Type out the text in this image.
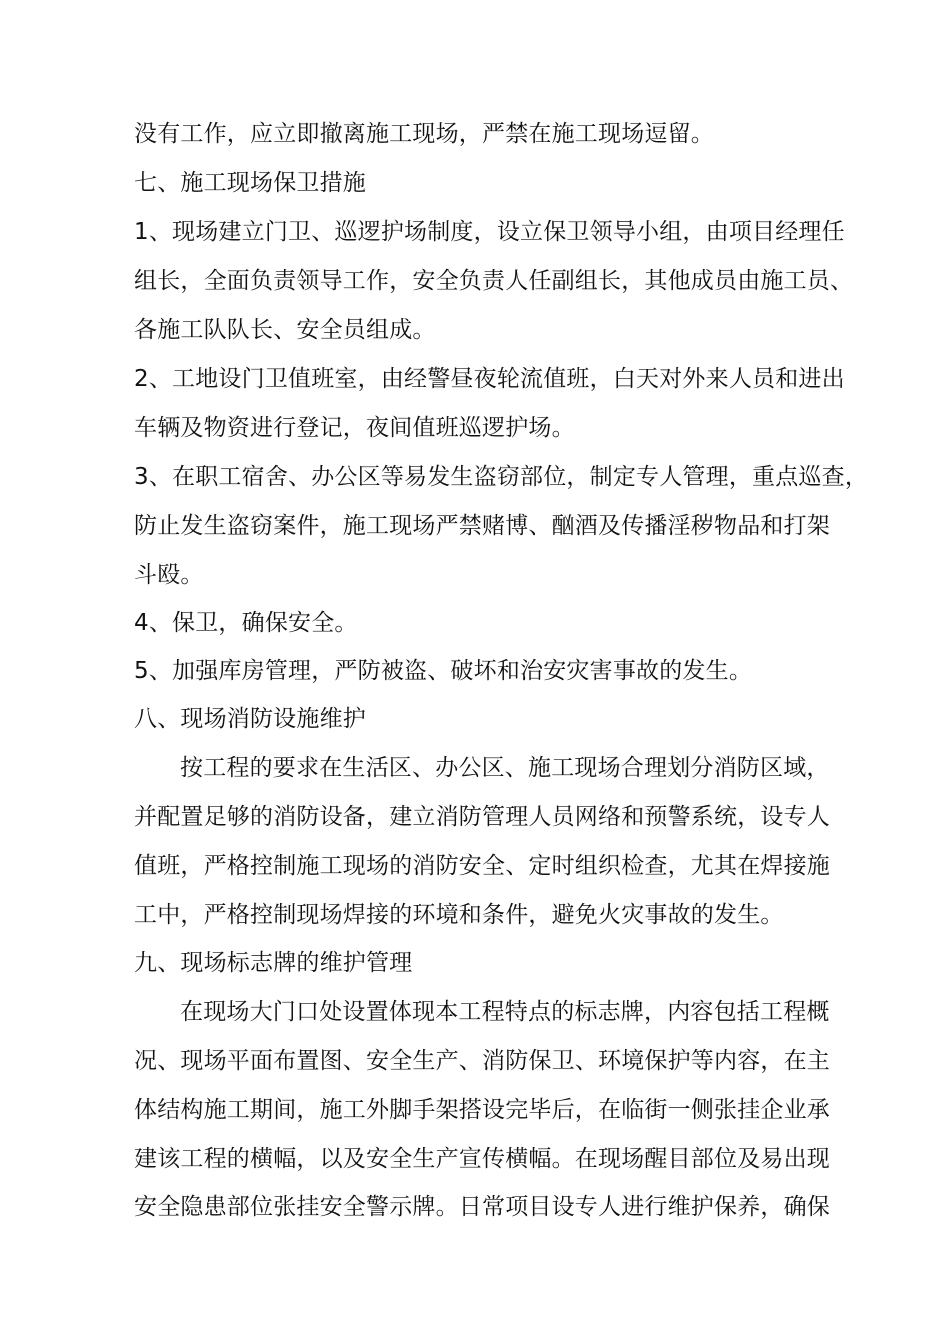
没有工作，应立即撤离施工现场，严禁在施工现场逗留。
七、施工现场保卫措施
1、现场建立门卫、巡逻护场制度，设立保卫领导小组，由项目经理任
组长，全面负责领导工作，安全负责人任副组长，其他成员由施工员、
各施工队队长、安全员组成。
2、工地设门卫值班室，由经警昼夜轮流值班，白天对外来人员和进出
车辆及物资进行登记，夜间值班巡逻护场。
3、在职工宿舍、办公区等易发生盗窃部位，制定专人管理，重点巡查，
防止发生盗窃案件，施工现场严禁赌博、酗酒及传播淫秽物品和打架
斗殴。
4、保卫，确保安全。
5、加强库房管理，严防被盗、破坏和治安灾害事故的发生。
八、现场消防设施维护
按工程的要求在生活区、办公区、施工现场合理划分消防区域，
并配置足够的消防设备，建立消防管理人员网络和预警系统，设专人
值班，严格控制施工现场的消防安全、定时组织检查，尤其在焊接施
工中，严格控制现场焊接的环境和条件，避免火灾事故的发生。
九、现场标志牌的维护管理
在现场大门口处设置体现本工程特点的标志牌，内容包括工程概
况、现场平面布置图、安全生产、消防保卫、环境保护等内容，在主
体结构施工期间，施工外脚手架搭设完毕后，在临街一侧张挂企业承
建该工程的横幅，以及安全生产宣传横幅。在现场醒目部位及易出现
安全隐患部位张挂安全警示牌。日常项目设专人进行维护保养，确保
